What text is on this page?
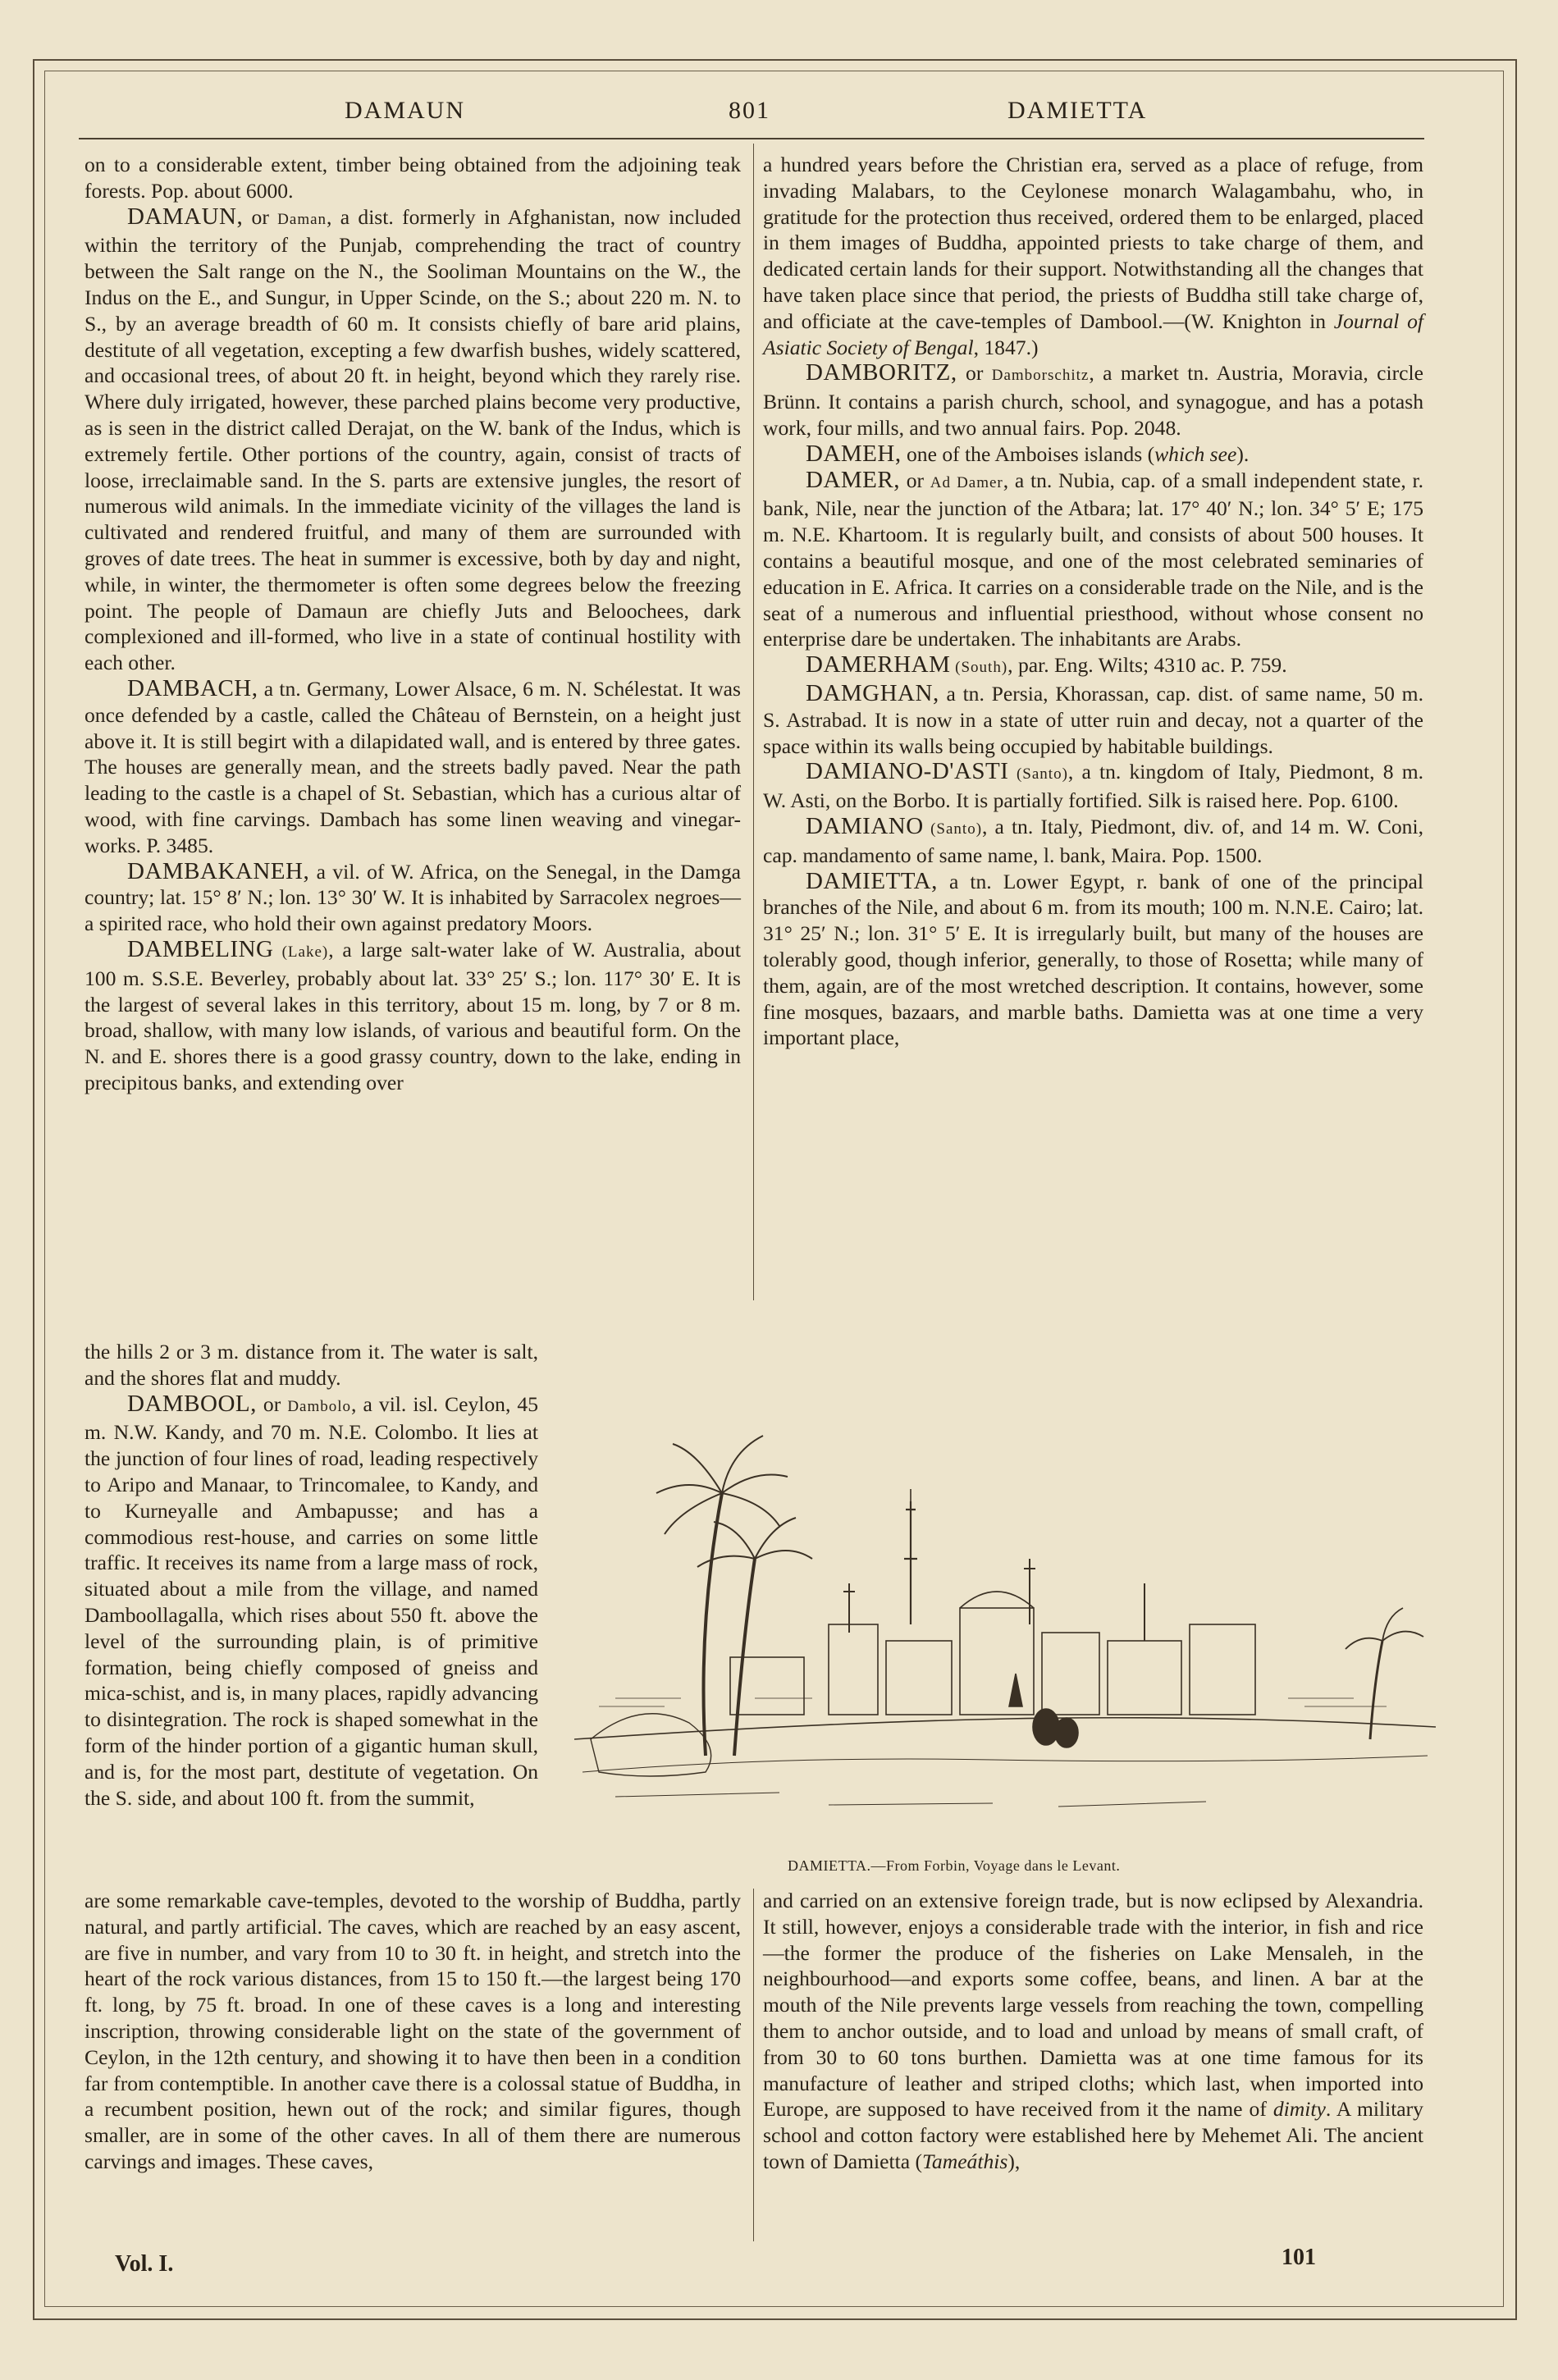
DAMAUN	801	DAMIETTA

on to a considerable extent, timber being obtained from the adjoining teak forests. Pop. about 6000.

DAMAUN, or Daman, a dist. formerly in Afghanistan, now included within the territory of the Punjab, comprehending the tract of country between the Salt range on the N., the Sooliman Mountains on the W., the Indus on the E., and Sungur, in Upper Scinde, on the S.; about 220 m. N. to S., by an average breadth of 60 m. It consists chiefly of bare arid plains, destitute of all vegetation, excepting a few dwarfish bushes, widely scattered, and occasional trees, of about 20 ft. in height, beyond which they rarely rise. Where duly irrigated, however, these parched plains become very productive, as is seen in the district called Derajat, on the W. bank of the Indus, which is extremely fertile. Other portions of the country, again, consist of tracts of loose, irreclaimable sand. In the S. parts are extensive jungles, the resort of numerous wild animals. In the immediate vicinity of the villages the land is cultivated and rendered fruitful, and many of them are surrounded with groves of date trees. The heat in summer is excessive, both by day and night, while, in winter, the thermometer is often some degrees below the freezing point. The people of Damaun are chiefly Juts and Beloochees, dark complexioned and ill-formed, who live in a state of continual hostility with each other.

DAMBACH, a tn. Germany, Lower Alsace, 6 m. N. Schélestat. It was once defended by a castle, called the Château of Bernstein, on a height just above it. It is still begirt with a dilapidated wall, and is entered by three gates. The houses are generally mean, and the streets badly paved. Near the path leading to the castle is a chapel of St. Sebastian, which has a curious altar of wood, with fine carvings. Dambach has some linen weaving and vinegar-works. P. 3485.

DAMBAKANEH, a vil. of W. Africa, on the Senegal, in the Damga country; lat. 15° 8′ N.; lon. 13° 30′ W. It is inhabited by Sarracolex negroes—a spirited race, who hold their own against predatory Moors.

DAMBELING (Lake), a large salt-water lake of W. Australia, about 100 m. S.S.E. Beverley, probably about lat. 33° 25′ S.; lon. 117° 30′ E. It is the largest of several lakes in this territory, about 15 m. long, by 7 or 8 m. broad, shallow, with many low islands, of various and beautiful form. On the N. and E. shores there is a good grassy country, down to the lake, ending in precipitous banks, and extending over

the hills 2 or 3 m. distance from it. The water is salt, and the shores flat and muddy.

DAMBOOL, or Dambolo, a vil. isl. Ceylon, 45 m. N.W. Kandy, and 70 m. N.E. Colombo. It lies at the junction of four lines of road, leading respectively to Aripo and Manaar, to Trincomalee, to Kandy, and to Kurneyalle and Ambapusse; and has a commodious rest-house, and carries on some little traffic. It receives its name from a large mass of rock, situated about a mile from the village, and named Damboollagalla, which rises about 550 ft. above the level of the surrounding plain, is of primitive formation, being chiefly composed of gneiss and mica-schist, and is, in many places, rapidly advancing to disintegration. The rock is shaped somewhat in the form of the hinder portion of a gigantic human skull, and is, for the most part, destitute of vegetation. On the S. side, and about 100 ft. from the summit,

are some remarkable cave-temples, devoted to the worship of Buddha, partly natural, and partly artificial. The caves, which are reached by an easy ascent, are five in number, and vary from 10 to 30 ft. in height, and stretch into the heart of the rock various distances, from 15 to 150 ft.—the largest being 170 ft. long, by 75 ft. broad. In one of these caves is a long and interesting inscription, throwing considerable light on the state of the government of Ceylon, in the 12th century, and showing it to have then been in a condition far from contemptible. In another cave there is a colossal statue of Buddha, in a recumbent position, hewn out of the rock; and similar figures, though smaller, are in some of the other caves. In all of them there are numerous carvings and images. These caves,

a hundred years before the Christian era, served as a place of refuge, from invading Malabars, to the Ceylonese monarch Walagambahu, who, in gratitude for the protection thus received, ordered them to be enlarged, placed in them images of Buddha, appointed priests to take charge of them, and dedicated certain lands for their support. Notwithstanding all the changes that have taken place since that period, the priests of Buddha still take charge of, and officiate at the cave-temples of Dambool.—(W. Knighton in Journal of Asiatic Society of Bengal, 1847.)

DAMBORITZ, or Damborschitz, a market tn. Austria, Moravia, circle Brünn. It contains a parish church, school, and synagogue, and has a potash work, four mills, and two annual fairs. Pop. 2048.

DAMEH, one of the Amboises islands (which see).

DAMER, or Ad Damer, a tn. Nubia, cap. of a small independent state, r. bank, Nile, near the junction of the Atbara; lat. 17° 40′ N.; lon. 34° 5′ E; 175 m. N.E. Khartoom. It is regularly built, and consists of about 500 houses. It contains a beautiful mosque, and one of the most celebrated seminaries of education in E. Africa. It carries on a considerable trade on the Nile, and is the seat of a numerous and influential priesthood, without whose consent no enterprise dare be undertaken. The inhabitants are Arabs.

DAMERHAM (South), par. Eng. Wilts; 4310 ac. P. 759.

DAMGHAN, a tn. Persia, Khorassan, cap. dist. of same name, 50 m. S. Astrabad. It is now in a state of utter ruin and decay, not a quarter of the space within its walls being occupied by habitable buildings.

DAMIANO-D'ASTI (Santo), a tn. kingdom of Italy, Piedmont, 8 m. W. Asti, on the Borbo. It is partially fortified. Silk is raised here. Pop. 6100.

DAMIANO (Santo), a tn. Italy, Piedmont, div. of, and 14 m. W. Coni, cap. mandamento of same name, l. bank, Maira. Pop. 1500.

DAMIETTA, a tn. Lower Egypt, r. bank of one of the principal branches of the Nile, and about 6 m. from its mouth; 100 m. N.N.E. Cairo; lat. 31° 25′ N.; lon. 31° 5′ E. It is irregularly built, but many of the houses are tolerably good, though inferior, generally, to those of Rosetta; while many of them, again, are of the most wretched description. It contains, however, some fine mosques, bazaars, and marble baths. Damietta was at one time a very important place,

DAMIETTA.—From Forbin, Voyage dans le Levant.

and carried on an extensive foreign trade, but is now eclipsed by Alexandria. It still, however, enjoys a considerable trade with the interior, in fish and rice—the former the produce of the fisheries on Lake Mensaleh, in the neighbourhood—and exports some coffee, beans, and linen. A bar at the mouth of the Nile prevents large vessels from reaching the town, compelling them to anchor outside, and to load and unload by means of small craft, of from 30 to 60 tons burthen. Damietta was at one time famous for its manufacture of leather and striped cloths; which last, when imported into Europe, are supposed to have received from it the name of dimity. A military school and cotton factory were established here by Mehemet Ali. The ancient town of Damietta (Tameáthis),

Vol. I.	101
